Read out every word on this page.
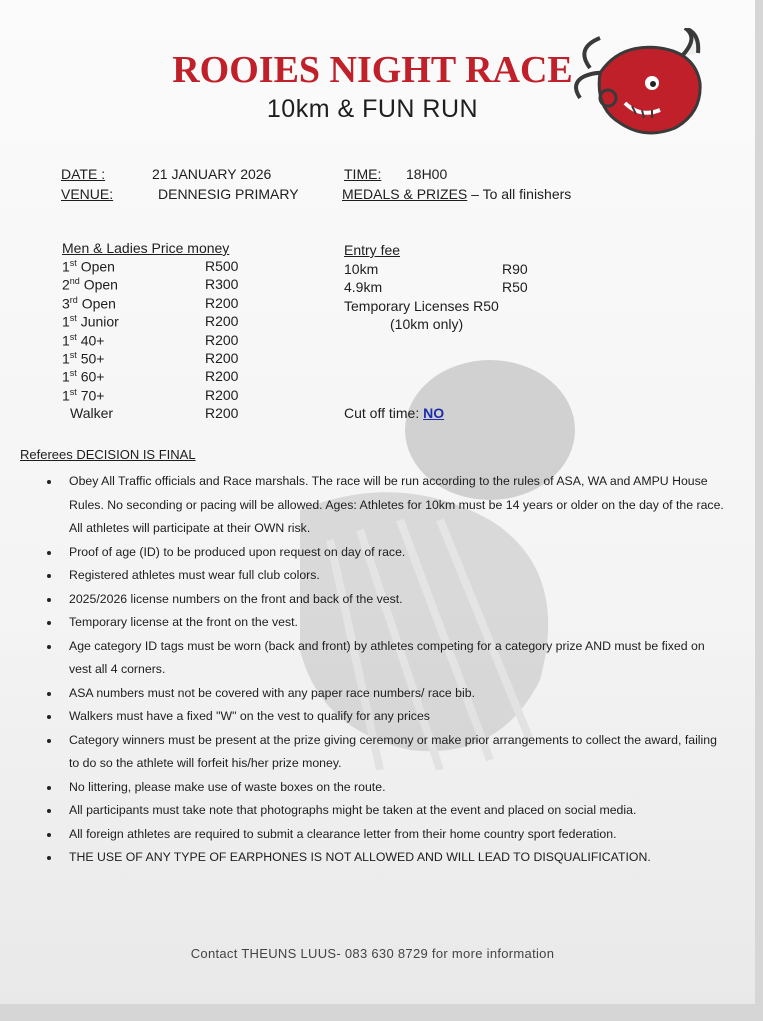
ROOIES NIGHT RACE
10km & FUN RUN
DATE :	21 JANUARY 2026	TIME: 18H00
VENUE:	DENNESIG PRIMARY	MEDALS & PRIZES – To all finishers
Men & Ladies Price money
1st Open	R500
2nd Open	R300
3rd Open	R200
1st Junior	R200
1st 40+	R200
1st 50+	R200
1st 60+	R200
1st 70+	R200
Walker	R200
Entry fee
10km	R90
4.9km	R50
Temporary Licenses R50
(10km only)
Cut off time: NO
Referees DECISION IS FINAL
Obey All Traffic officials and Race marshals. The race will be run according to the rules of ASA, WA and AMPU House Rules. No seconding or pacing will be allowed. Ages: Athletes for 10km must be 14 years or older on the day of the race. All athletes will participate at their OWN risk.
Proof of age (ID) to be produced upon request on day of race.
Registered athletes must wear full club colors.
2025/2026 license numbers on the front and back of the vest.
Temporary license at the front on the vest.
Age category ID tags must be worn (back and front) by athletes competing for a category prize AND must be fixed on vest all 4 corners.
ASA numbers must not be covered with any paper race numbers/ race bib.
Walkers must have a fixed "W" on the vest to qualify for any prices
Category winners must be present at the prize giving ceremony or make prior arrangements to collect the award, failing to do so the athlete will forfeit his/her prize money.
No littering, please make use of waste boxes on the route.
All participants must take note that photographs might be taken at the event and placed on social media.
All foreign athletes are required to submit a clearance letter from their home country sport federation.
THE USE OF ANY TYPE OF EARPHONES IS NOT ALLOWED AND WILL LEAD TO DISQUALIFICATION.
Contact THEUNS LUUS- 083 630 8729 for more information
